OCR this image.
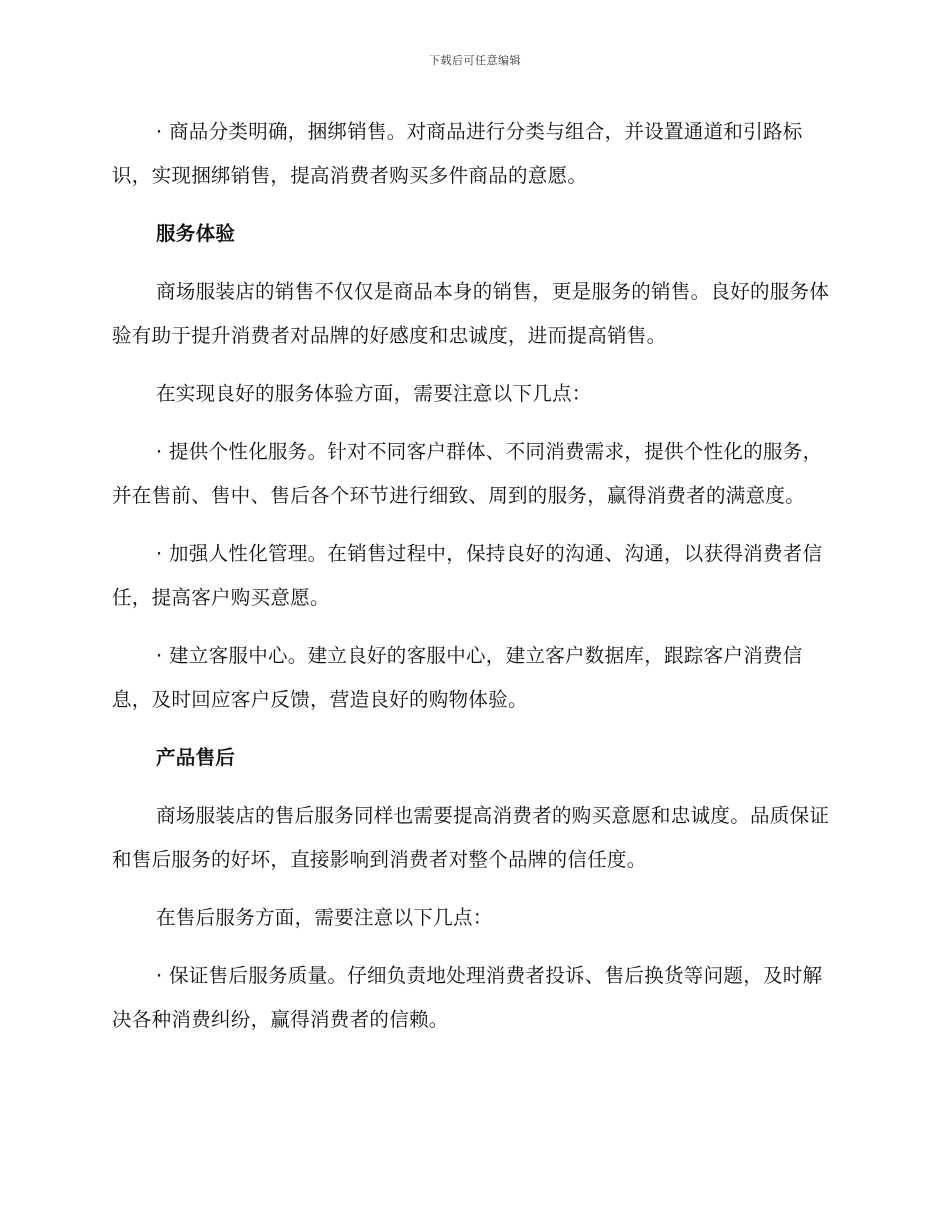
下载后可任意编辑

· 商品分类明确，捆绑销售。对商品进行分类与组合，并设置通道和引路标识，实现捆绑销售，提高消费者购买多件商品的意愿。

服务体验

商场服装店的销售不仅仅是商品本身的销售，更是服务的销售。良好的服务体验有助于提升消费者对品牌的好感度和忠诚度，进而提高销售。

在实现良好的服务体验方面，需要注意以下几点：

· 提供个性化服务。针对不同客户群体、不同消费需求，提供个性化的服务，并在售前、售中、售后各个环节进行细致、周到的服务，赢得消费者的满意度。

· 加强人性化管理。在销售过程中，保持良好的沟通、沟通，以获得消费者信任，提高客户购买意愿。

· 建立客服中心。建立良好的客服中心，建立客户数据库，跟踪客户消费信息，及时回应客户反馈，营造良好的购物体验。

产品售后

商场服装店的售后服务同样也需要提高消费者的购买意愿和忠诚度。品质保证和售后服务的好坏，直接影响到消费者对整个品牌的信任度。

在售后服务方面，需要注意以下几点：

· 保证售后服务质量。仔细负责地处理消费者投诉、售后换货等问题，及时解决各种消费纠纷，赢得消费者的信赖。
